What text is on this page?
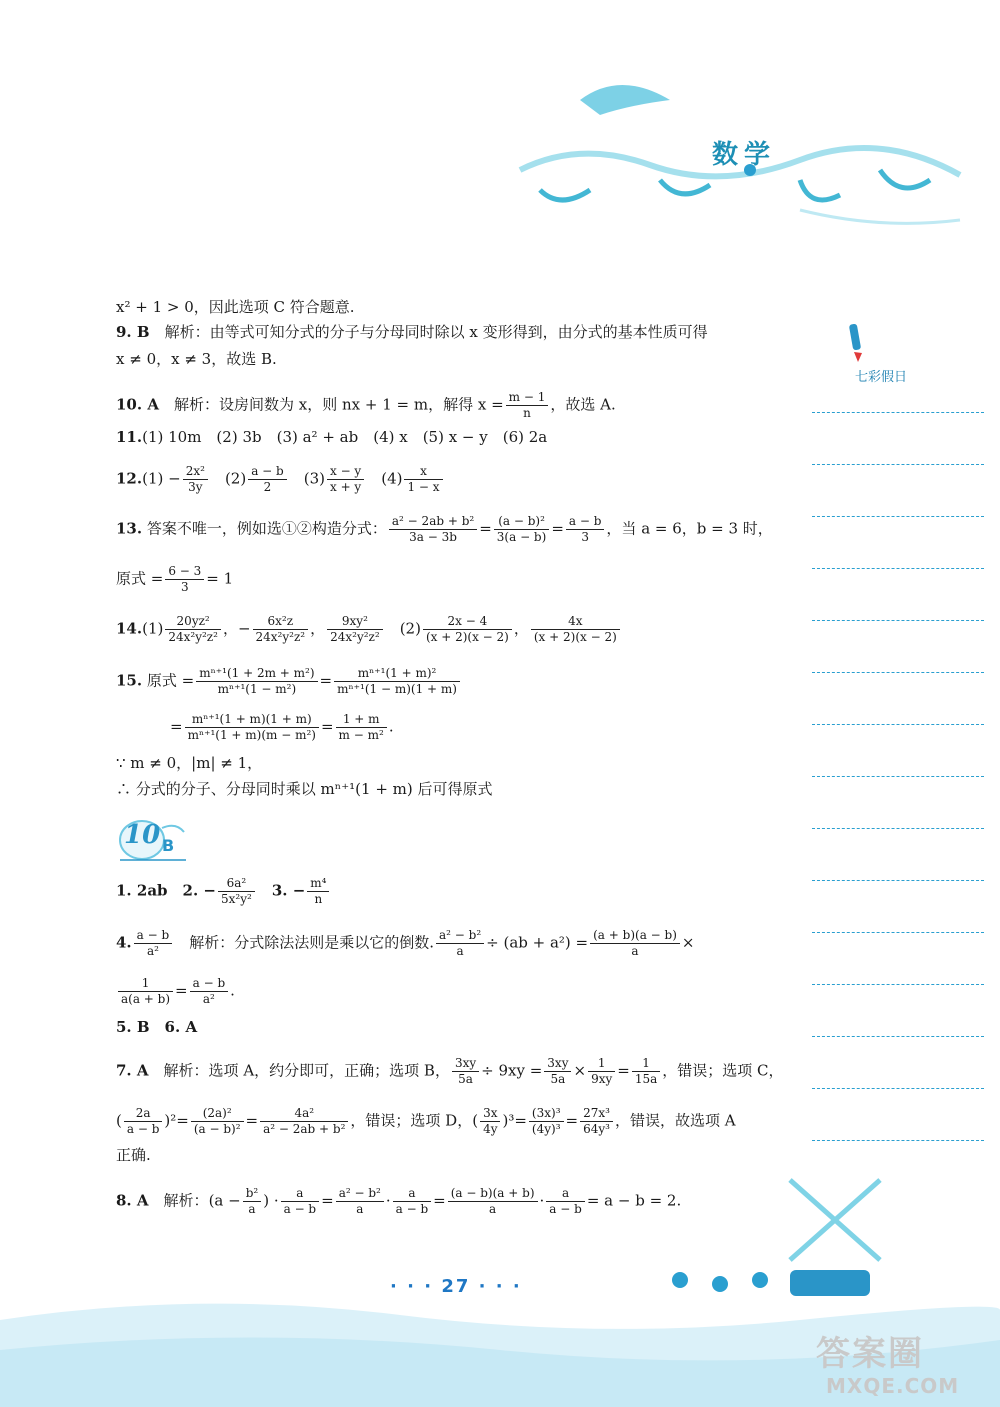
数学
七彩假日
x² + 1 > 0，因此选项 C 符合题意.
9. B　 解析：由等式可知分式的分子与分母同时除以 x 变形得到，由分式的基本性质可得
x ≠ 0，x ≠ 3，故选 B.
10. A　 解析：设房间数为 x，则 nx + 1 = m，解得 $x = \frac{m - 1}{n}$ ，故选 A.
11.(1) 10m　(2) 3b　(3) a² + ab　(4) x　(5) x − y　(6) 2a
$12.(1) - \frac{\text{2x²}}{3y}$
　 $(2) \frac{a - b}{2}$
　 $(3) \frac{x - y}{x + y}$
　 $(4) \frac{x}{1 - x}$
13. 答案不唯一，例如选①②构造分式： $\frac{\text{a² − 2ab + b²}}{3a - 3b} = \frac{\text{(a − b)²}}{3(a - b)} = \frac{a - b}{3}$ ，当 a = 6，b = 3 时，
原式 = $\frac{6 - 3}{3} = 1$
$14.(1) \frac{\text{20yz²}}{\text{24x²y²z²}}$ ，− $\frac{\text{6x²z}}{\text{24x²y²z²}}$ ， $\frac{\text{9xy²}}{\text{24x²y²z²}}$
　 $(2) \frac{2x - 4}{(x + 2)(x - 2)}$ ， $\frac{4x}{(x + 2)(x - 2)}$
15. 原式 = $\frac{\text{mⁿ⁺¹(1 + 2m + m²)}}{\text{mⁿ⁺¹(1 − m²)}} = \frac{\text{mⁿ⁺¹(1 + m)²}}{\text{mⁿ⁺¹(1 − m)(1 + m)}}$
= $\frac{\text{mⁿ⁺¹(1 + m)(1 + m)}}{\text{mⁿ⁺¹(1 + m)(m − m²)}} = \frac{1 + m}{\text{m − m²}}$ .
∵ m ≠ 0，|m| ≠ 1，
∴ 分式的分子、分母同时乘以 mⁿ⁺¹(1 + m) 后可得原式
10 B
1. 2ab　2. − $\frac{\text{6a²}}{\text{5x²y²}}$
　 3. − $\frac{\text{m⁴}}{n}$
4. $\frac{a - b}{\text{a²}}$
　 解析：分式除法法则是乘以它的倒数. $\frac{\text{a² − b²}}{a} \div (ab + a^2) = \frac{(a + b)(a - b)}{a}$ ×
$\frac{1}{a(a + b)} = \frac{a - b}{\text{a²}}$ .
5. B　6. A
7. A　 解析：选项 A，约分即可，正确；选项 B， $\frac{3xy}{5a} \div 9xy = \frac{3xy}{5a} \times \frac{1}{9xy} = \frac{1}{15a}$ ，错误；选项 C，
( $\frac{2a}{a - b} )^2= \frac{\text{(2a)²}}{\text{(a − b)²}} = \frac{\text{4a²}}{\text{a² − 2ab + b²}}$ ，错误；选项 D，( $\frac{3x}{4y} )^3= \frac{\text{(3x)³}}{\text{(4y)³}} = \frac{\text{27x³}}{\text{64y³}}$ ，错误，故选项 A
正确.
8. A　 解析：($a - \frac{\text{b²}}{a}$ ) · $\frac{a}{a - b} = \frac{\text{a² − b²}}{a} \cdot \frac{a}{a - b} = \frac{(a - b)(a + b)}{a} \cdot \frac{a}{a - b} = a - b = 2$.
· · · 27 · · ·
答案圈
MXQE.COM
